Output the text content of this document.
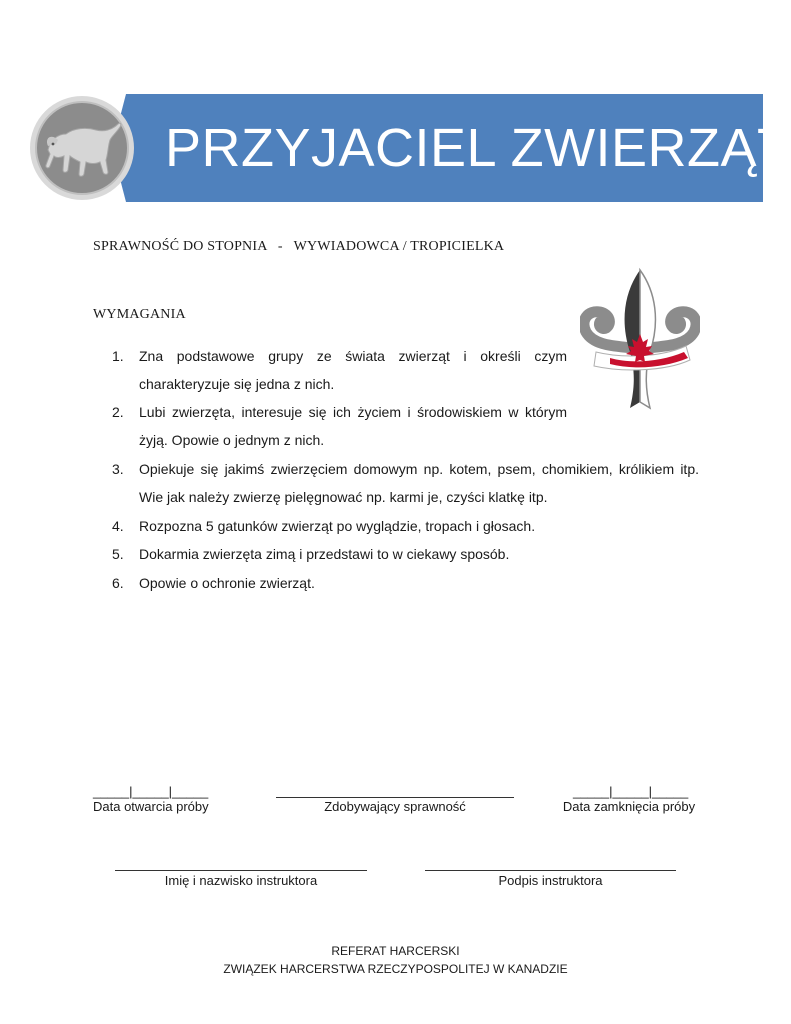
PRZYJACIEL ZWIERZĄT
SPRAWNOŚĆ DO STOPNIA   -   WYWIADOWCA / TROPICIELKA
WYMAGANIA
1.	Zna podstawowe grupy ze świata zwierząt i określi czym charakteryzuje się jedna z nich.
2.	Lubi zwierzęta, interesuje się ich życiem i środowiskiem w którym żyją. Opowie o jednym z nich.
3.	Opiekuje się jakimś zwierzęciem domowym np. kotem, psem, chomikiem, królikiem itp. Wie jak należy zwierzę pielęgnować np. karmi je, czyści klatkę itp.
4.	Rozpozna 5 gatunków zwierząt po wyglądzie, tropach i głosach.
5.	Dokarmia zwierzęta zimą i przedstawi to w ciekawy sposób.
6.	Opowie o ochronie zwierząt.
_____|_____|_____	_____|_____|_____
Data otwarcia próby	Zdobywający sprawność	Data zamknięcia próby
Imię i nazwisko instruktora	Podpis instruktora
REFERAT HARCERSKI
ZWIĄZEK HARCERSTWA RZECZYPOSPOLITEJ W KANADZIE
